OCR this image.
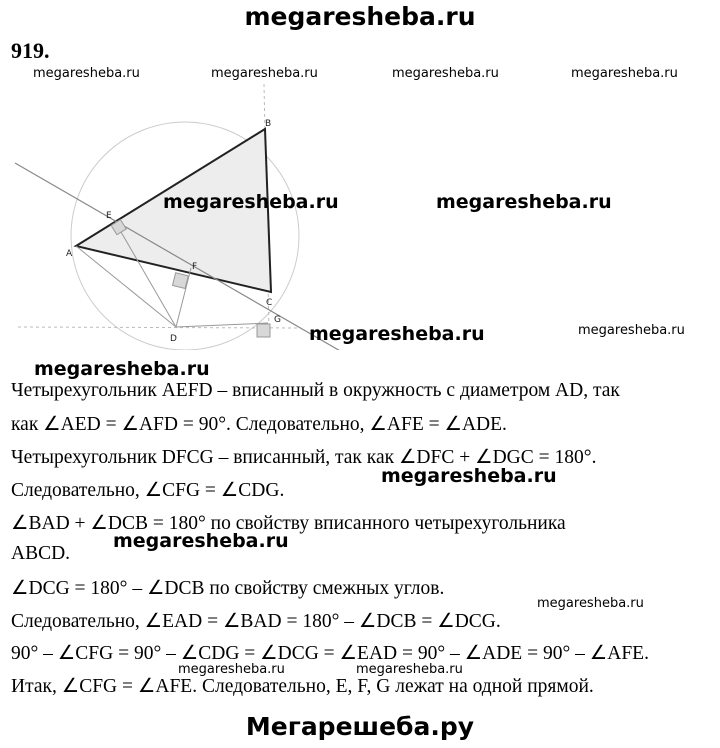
megaresheba.ru
919.
megaresheba.ru	megaresheba.ru	megaresheba.ru	megaresheba.ru
A
B
C
D
E
F
G
megaresheba.ru	megaresheba.ru
megaresheba.ru	megaresheba.ru
megaresheba.ru
Четырехугольник AEFD – вписанный в окружность с диаметром AD, так
как ∠AED = ∠AFD = 90°. Следовательно, ∠AFE = ∠ADE.
Четырехугольник DFCG – вписанный, так как ∠DFC + ∠DGC = 180°.
megaresheba.ru
Следовательно, ∠CFG = ∠CDG.
∠BAD + ∠DCB = 180° по свойству вписанного четырехугольника
megaresheba.ru
ABCD.
∠DCG = 180° – ∠DCB по свойству смежных углов.
megaresheba.ru
Следовательно, ∠EAD = ∠BAD = 180° – ∠DCB = ∠DCG.
90° – ∠CFG = 90° – ∠CDG = ∠DCG = ∠EAD = 90° – ∠ADE = 90° – ∠AFE.
megaresheba.ru	megaresheba.ru
Итак, ∠CFG = ∠AFE. Следовательно, E, F, G лежат на одной прямой.
Мегарешеба.ру
